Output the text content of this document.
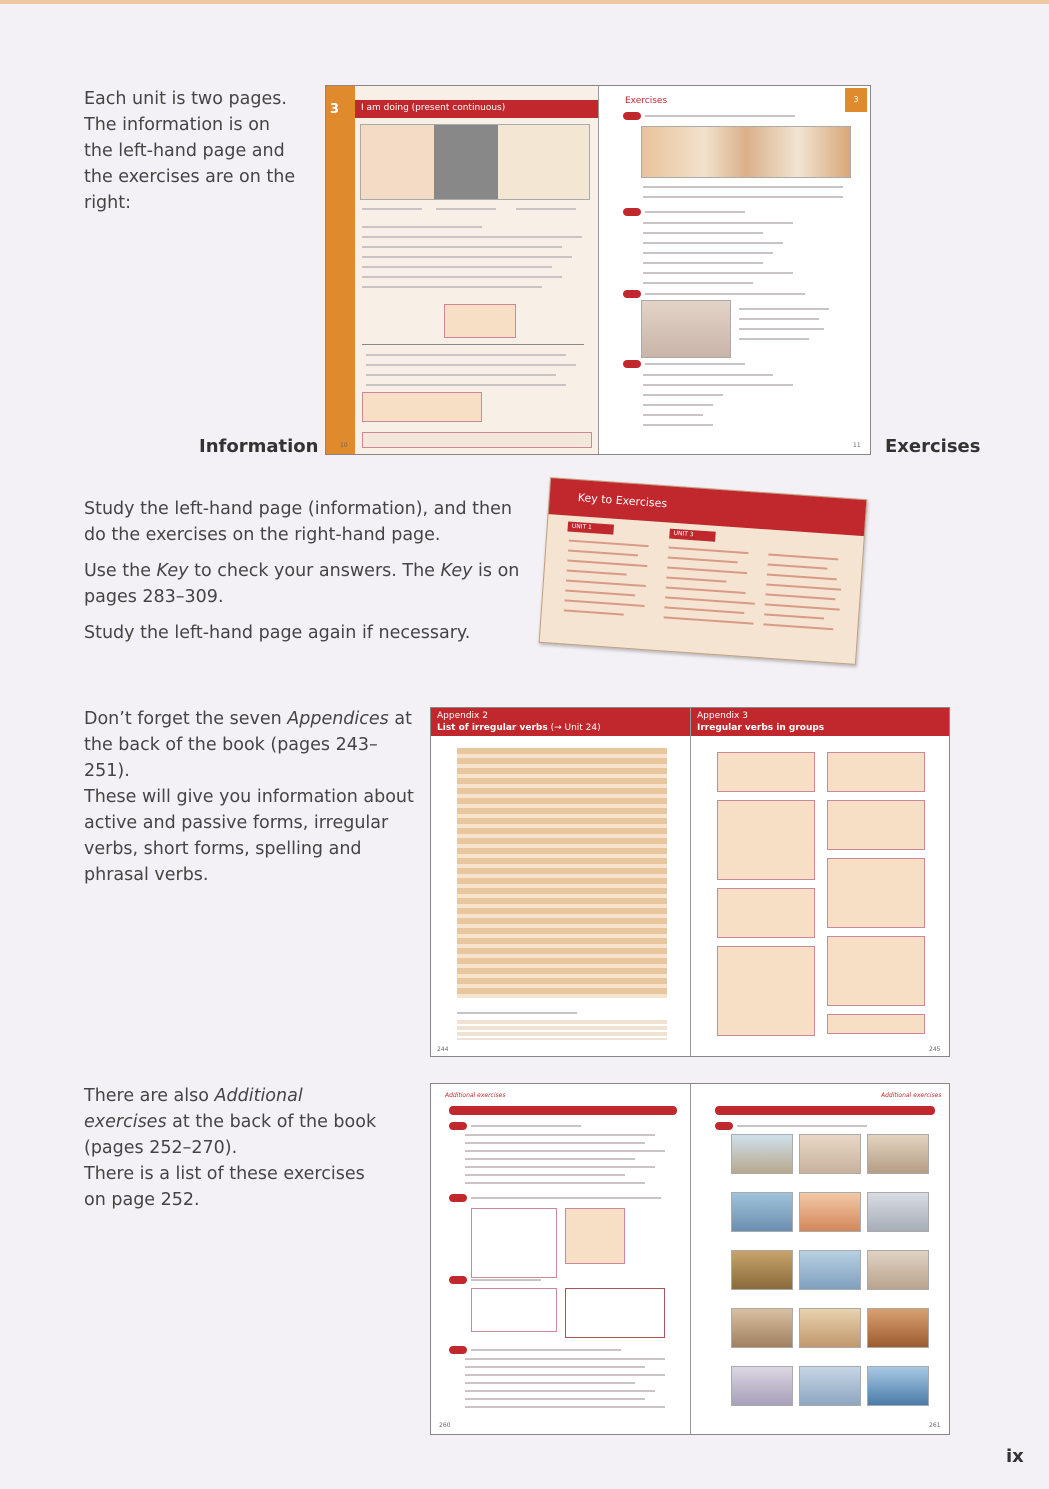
Each unit is two pages.
The information is on
the left-hand page and
the exercises are on the
right:
Information	Exercises
I am doing (present continuous)
3
10
Exercises	3
11
Study the left-hand page (information), and then
do the exercises on the right-hand page.
Use the Key to check your answers. The Key is on
pages 283–309.
Study the left-hand page again if necessary.
Key to Exercises
UNIT 1
UNIT 3
Don’t forget the seven Appendices at
the back of the book (pages 243–251).
These will give you information about
active and passive forms, irregular
verbs, short forms, spelling and
phrasal verbs.
Appendix 2
List of irregular verbs (→ Unit 24)
Appendix 3
Irregular verbs in groups
244	245
There are also Additional
exercises at the back of the book
(pages 252–270).
There is a list of these exercises
on page 252.
Additional exercises	Additional exercises
260	261
ix
